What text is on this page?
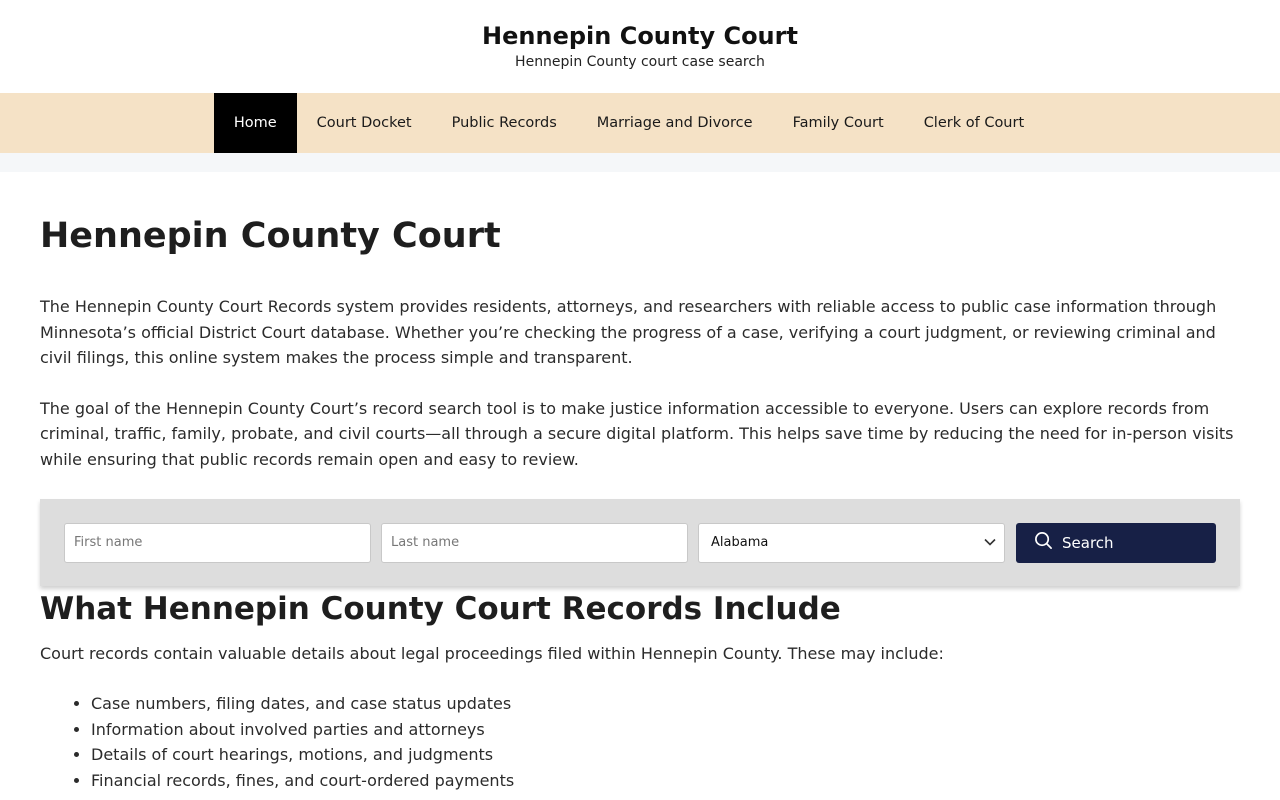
Hennepin County Court
Hennepin County court case search
Home	Court Docket	Public Records	Marriage and Divorce	Family Court	Clerk of Court
Hennepin County Court

The Hennepin County Court Records system provides residents, attorneys, and researchers with reliable access to public case information through Minnesota’s official District Court database. Whether you’re checking the progress of a case, verifying a court judgment, or reviewing criminal and civil filings, this online system makes the process simple and transparent.

The goal of the Hennepin County Court’s record search tool is to make justice information accessible to everyone. Users can explore records from criminal, traffic, family, probate, and civil courts—all through a secure digital platform. This helps save time by reducing the need for in-person visits while ensuring that public records remain open and easy to review.

First name
Last name
Alabama	Search
What Hennepin County Court Records Include

Court records contain valuable details about legal proceedings filed within Hennepin County. These may include:

• Case numbers, filing dates, and case status updates
• Information about involved parties and attorneys
• Details of court hearings, motions, and judgments
• Financial records, fines, and court-ordered payments
